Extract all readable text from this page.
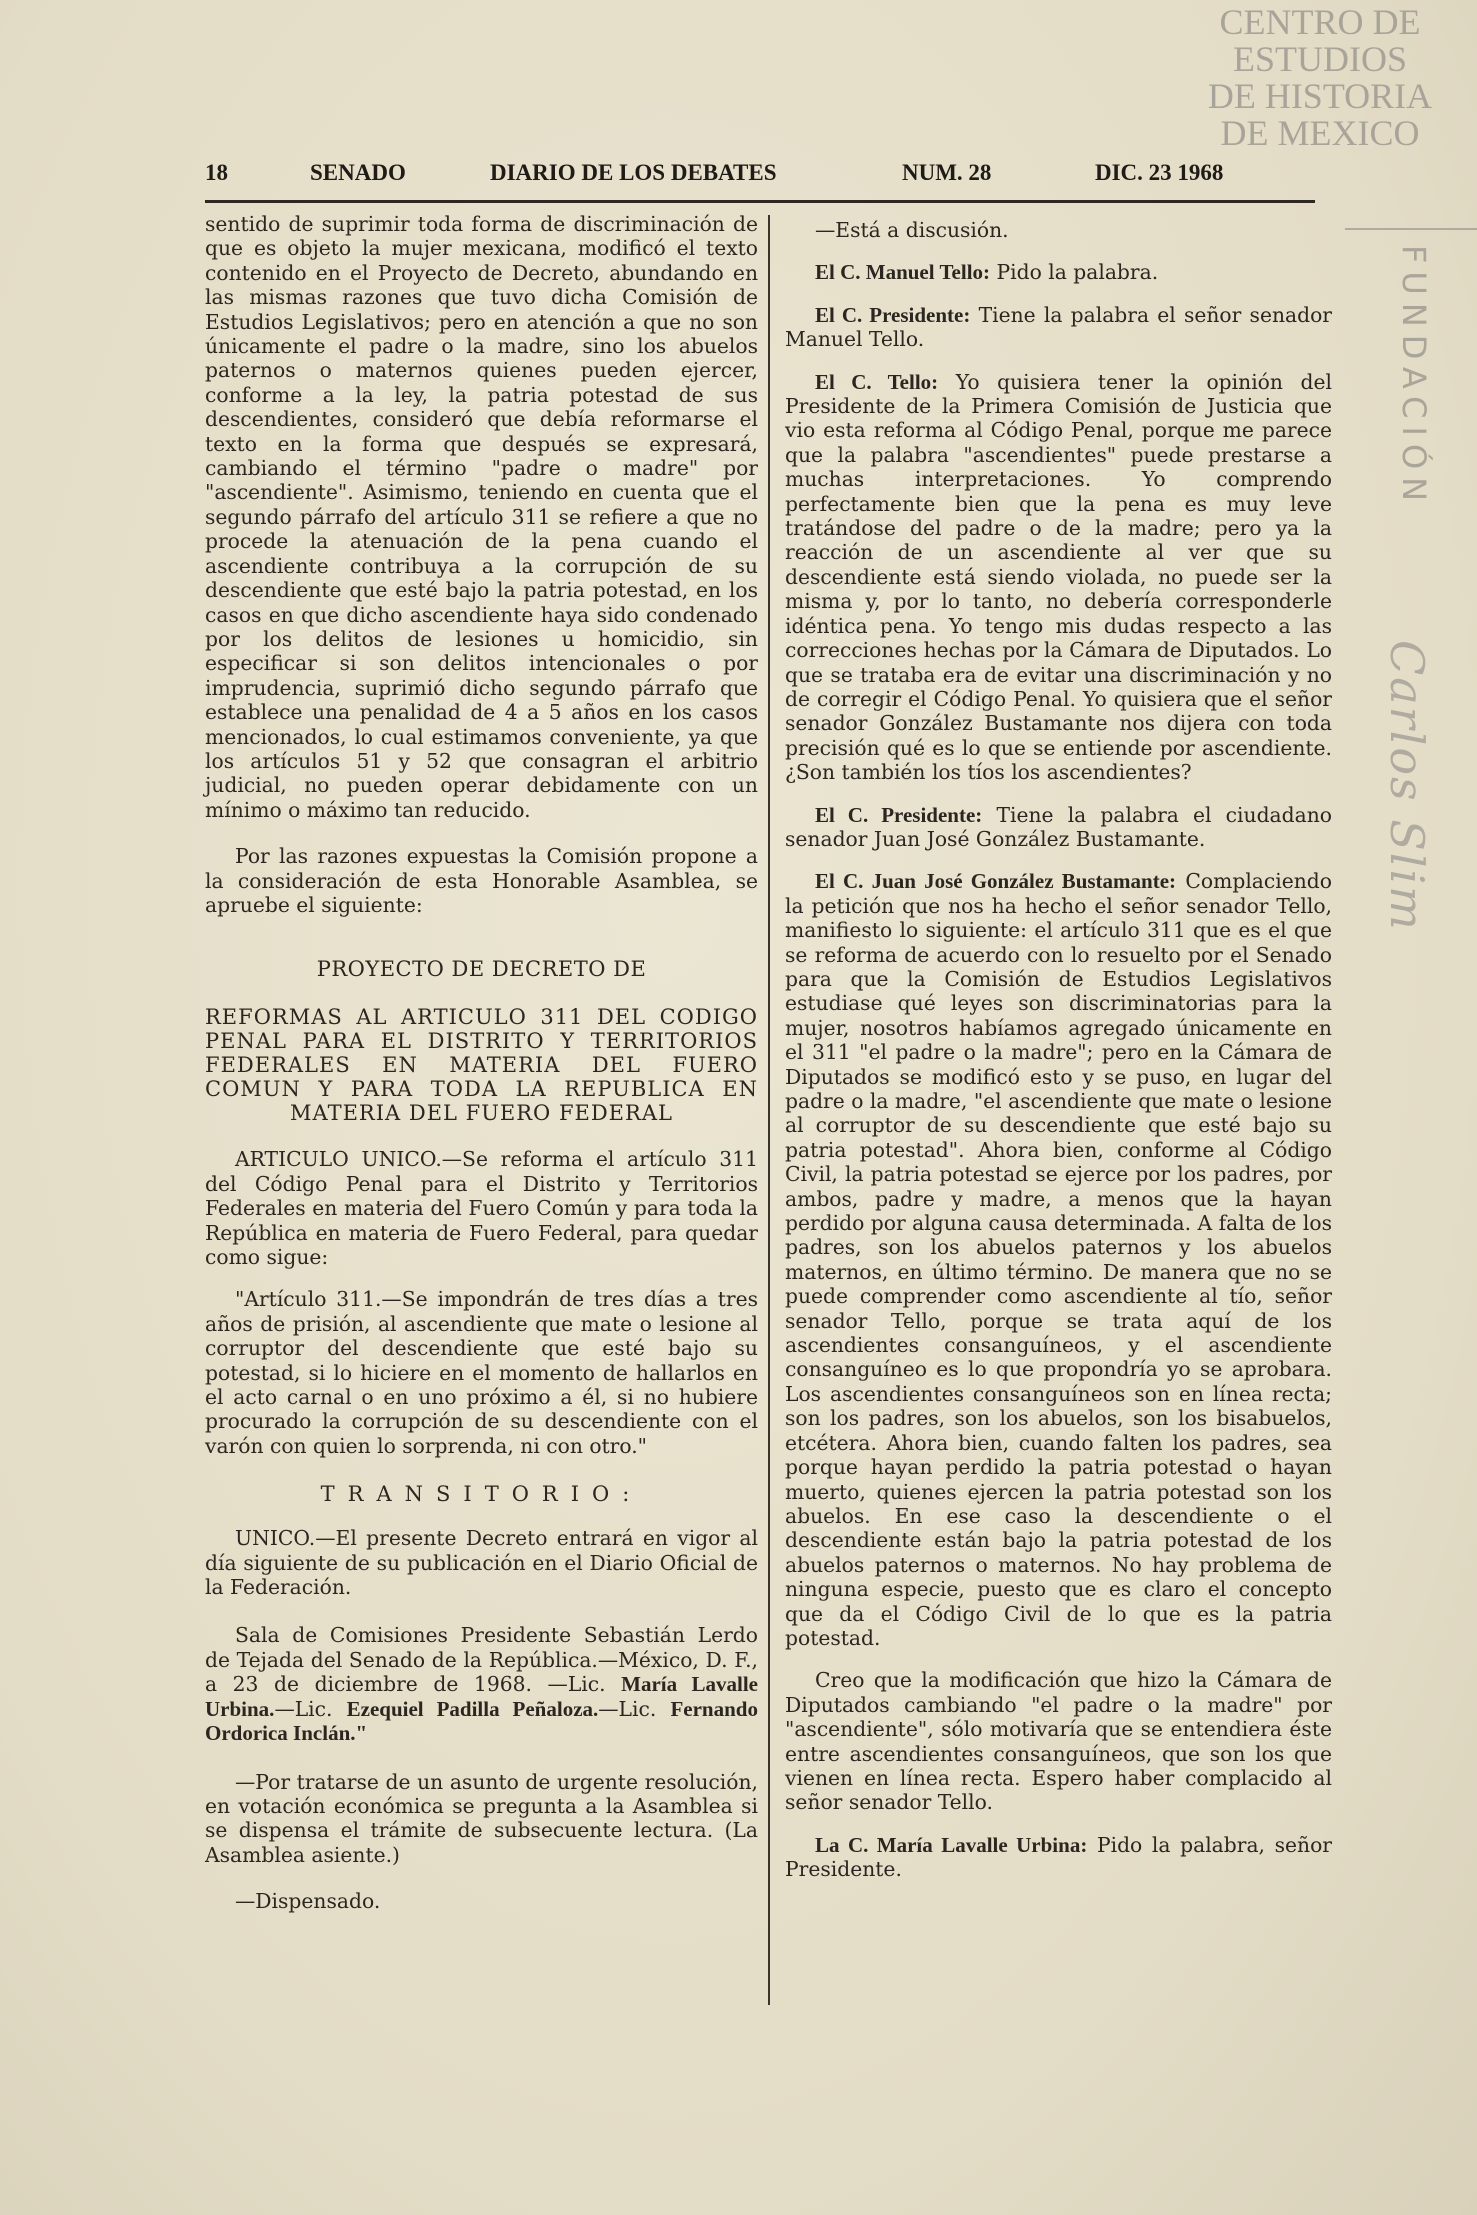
CENTRO DE
ESTUDIOS
DE HISTORIA
DE MEXICO
FUNDACIÓN
Carlos Slim
18	SENADO	DIARIO DE LOS DEBATES	NUM. 28	DIC. 23 1968

sentido de suprimir toda forma de discriminación de que es objeto la mujer mexicana, modificó el texto contenido en el Proyecto de Decreto, abundando en las mismas razones que tuvo dicha Comisión de Estudios Legislativos; pero en atención a que no son únicamente el padre o la madre, sino los abuelos paternos o maternos quienes pueden ejercer, conforme a la ley, la patria potestad de sus descendientes, consideró que debía reformarse el texto en la forma que después se expresará, cambiando el término "padre o madre" por "ascendiente". Asimismo, teniendo en cuenta que el segundo párrafo del artículo 311 se refiere a que no procede la atenuación de la pena cuando el ascendiente contribuya a la corrupción de su descendiente que esté bajo la patria potestad, en los casos en que dicho ascendiente haya sido condenado por los delitos de lesiones u homicidio, sin especificar si son delitos intencionales o por imprudencia, suprimió dicho segundo párrafo que establece una penalidad de 4 a 5 años en los casos mencionados, lo cual estimamos conveniente, ya que los artículos 51 y 52 que consagran el arbitrio judicial, no pueden operar debidamente con un mínimo o máximo tan reducido.

Por las razones expuestas la Comisión propone a la consideración de esta Honorable Asamblea, se apruebe el siguiente:

PROYECTO DE DECRETO DE

REFORMAS AL ARTICULO 311 DEL CODIGO PENAL PARA EL DISTRITO Y TERRITORIOS FEDERALES EN MATERIA DEL FUERO COMUN Y PARA TODA LA REPUBLICA EN MATERIA DEL FUERO FEDERAL

ARTICULO UNICO.—Se reforma el artículo 311 del Código Penal para el Distrito y Territorios Federales en materia del Fuero Común y para toda la República en materia de Fuero Federal, para quedar como sigue:

"Artículo 311.—Se impondrán de tres días a tres años de prisión, al ascendiente que mate o lesione al corruptor del descendiente que esté bajo su potestad, si lo hiciere en el momento de hallarlos en el acto carnal o en uno próximo a él, si no hubiere procurado la corrupción de su descendiente con el varón con quien lo sorprenda, ni con otro."

TRANSITORIO:

UNICO.—El presente Decreto entrará en vigor al día siguiente de su publicación en el Diario Oficial de la Federación.

Sala de Comisiones Presidente Sebastián Lerdo de Tejada del Senado de la República.—México, D. F., a 23 de diciembre de 1968. —Lic. María Lavalle Urbina.—Lic. Ezequiel Padilla Peñaloza.—Lic. Fernando Ordorica Inclán."

—Por tratarse de un asunto de urgente resolución, en votación económica se pregunta a la Asamblea si se dispensa el trámite de subsecuente lectura. (La Asamblea asiente.)

—Dispensado.

—Está a discusión.

El C. Manuel Tello: Pido la palabra.

El C. Presidente: Tiene la palabra el señor senador Manuel Tello.

El C. Tello: Yo quisiera tener la opinión del Presidente de la Primera Comisión de Justicia que vio esta reforma al Código Penal, porque me parece que la palabra "ascendientes" puede prestarse a muchas interpretaciones. Yo comprendo perfectamente bien que la pena es muy leve tratándose del padre o de la madre; pero ya la reacción de un ascendiente al ver que su descendiente está siendo violada, no puede ser la misma y, por lo tanto, no debería corresponderle idéntica pena. Yo tengo mis dudas respecto a las correcciones hechas por la Cámara de Diputados. Lo que se trataba era de evitar una discriminación y no de corregir el Código Penal. Yo quisiera que el señor senador González Bustamante nos dijera con toda precisión qué es lo que se entiende por ascendiente. ¿Son también los tíos los ascendientes?

El C. Presidente: Tiene la palabra el ciudadano senador Juan José González Bustamante.

El C. Juan José González Bustamante: Complaciendo la petición que nos ha hecho el señor senador Tello, manifiesto lo siguiente: el artículo 311 que es el que se reforma de acuerdo con lo resuelto por el Senado para que la Comisión de Estudios Legislativos estudiase qué leyes son discriminatorias para la mujer, nosotros habíamos agregado únicamente en el 311 "el padre o la madre"; pero en la Cámara de Diputados se modificó esto y se puso, en lugar del padre o la madre, "el ascendiente que mate o lesione al corruptor de su descendiente que esté bajo su patria potestad". Ahora bien, conforme al Código Civil, la patria potestad se ejerce por los padres, por ambos, padre y madre, a menos que la hayan perdido por alguna causa determinada. A falta de los padres, son los abuelos paternos y los abuelos maternos, en último término. De manera que no se puede comprender como ascendiente al tío, señor senador Tello, porque se trata aquí de los ascendientes consanguíneos, y el ascendiente consanguíneo es lo que propondría yo se aprobara. Los ascendientes consanguíneos son en línea recta; son los padres, son los abuelos, son los bisabuelos, etcétera. Ahora bien, cuando falten los padres, sea porque hayan perdido la patria potestad o hayan muerto, quienes ejercen la patria potestad son los abuelos. En ese caso la descendiente o el descendiente están bajo la patria potestad de los abuelos paternos o maternos. No hay problema de ninguna especie, puesto que es claro el concepto que da el Código Civil de lo que es la patria potestad.

Creo que la modificación que hizo la Cámara de Diputados cambiando "el padre o la madre" por "ascendiente", sólo motivaría que se entendiera éste entre ascendientes consanguíneos, que son los que vienen en línea recta. Espero haber complacido al señor senador Tello.

La C. María Lavalle Urbina: Pido la palabra, señor Presidente.
